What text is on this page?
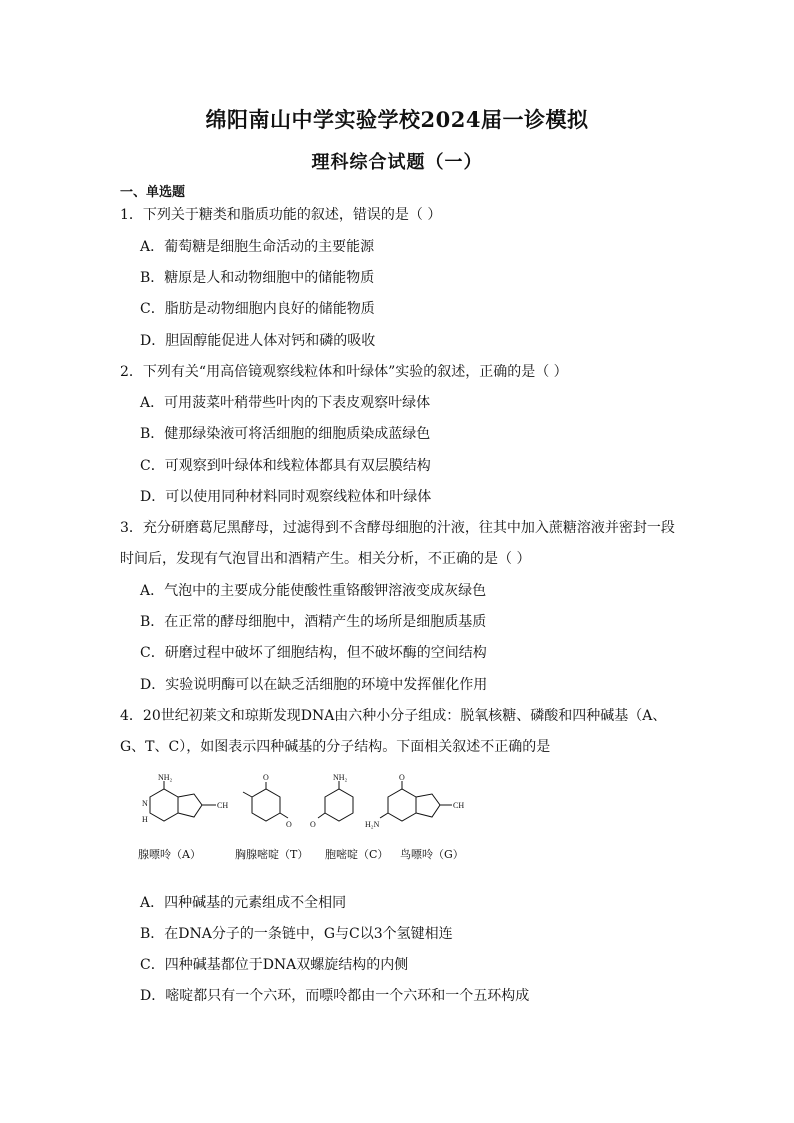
绵阳南山中学实验学校2024届一诊模拟
理科综合试题（一）
一、单选题
1．下列关于糖类和脂质功能的叙述，错误的是（ ）
A．葡萄糖是细胞生命活动的主要能源
B．糖原是人和动物细胞中的储能物质
C．脂肪是动物细胞内良好的储能物质
D．胆固醇能促进人体对钙和磷的吸收
2．下列有关“用高倍镜观察线粒体和叶绿体”实验的叙述，正确的是（ ）
A．可用菠菜叶稍带些叶肉的下表皮观察叶绿体
B．健那绿染液可将活细胞的细胞质染成蓝绿色
C．可观察到叶绿体和线粒体都具有双层膜结构
D．可以使用同种材料同时观察线粒体和叶绿体
3．充分研磨葛尼黑酵母，过滤得到不含酵母细胞的汁液，往其中加入蔗糖溶液并密封一段
时间后，发现有气泡冒出和酒精产生。相关分析，不正确的是（ ）
A．气泡中的主要成分能使酸性重铬酸钾溶液变成灰绿色
B．在正常的酵母细胞中，酒精产生的场所是细胞质基质
C．研磨过程中破坏了细胞结构，但不破坏酶的空间结构
D．实验说明酶可以在缺乏活细胞的环境中发挥催化作用
4．20世纪初莱文和琼斯发现DNA由六种小分子组成：脱氧核糖、磷酸和四种碱基（A、
G、T、C），如图表示四种碱基的分子结构。下面相关叙述不正确的是
NH₂
N
H
CH
O
O
NH₂
O
O
H₂N
CH
腺嘌呤（A）	胸腺嘧啶（T） 胞嘧啶（C） 鸟嘌呤（G）
A．四种碱基的元素组成不全相同
B．在DNA分子的一条链中，G与C以3个氢键相连
C．四种碱基都位于DNA双螺旋结构的内侧
D．嘧啶都只有一个六环，而嘌呤都由一个六环和一个五环构成
